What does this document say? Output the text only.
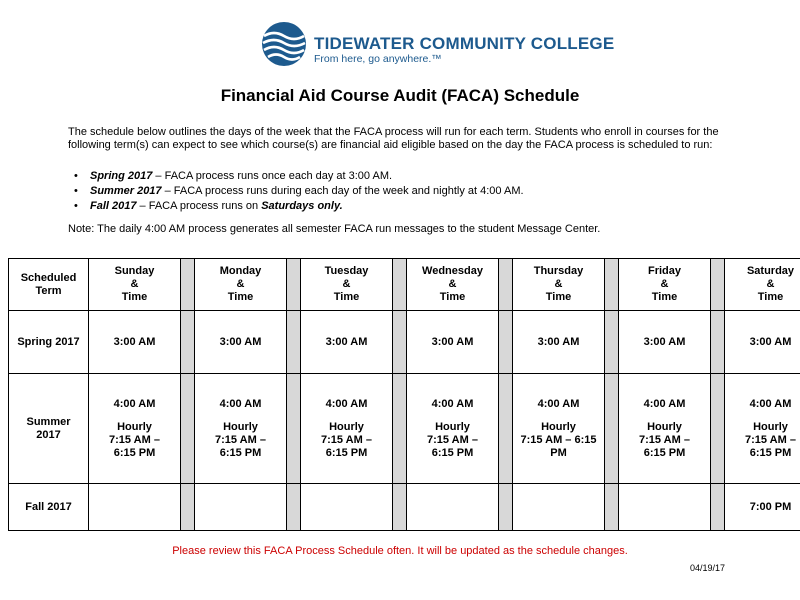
TIDEWATER COMMUNITY COLLEGE
From here, go anywhere.™
Financial Aid Course Audit (FACA) Schedule
The schedule below outlines the days of the week that the FACA process will run for each term. Students who enroll in courses for the following term(s) can expect to see which course(s) are financial aid eligible based on the day the FACA process is scheduled to run:
• Spring 2017 – FACA process runs once each day at 3:00 AM.
• Summer 2017 – FACA process runs during each day of the week and nightly at 4:00 AM.
• Fall 2017 – FACA process runs on Saturdays only.
Note: The daily 4:00 AM process generates all semester FACA run messages to the student Message Center.
Scheduled Term	Sunday
&
Time		Monday
&
Time		Tuesday
&
Time		Wednesday
&
Time		Thursday
&
Time		Friday
&
Time		Saturday
&
Time
Spring 2017	3:00 AM		3:00 AM		3:00 AM		3:00 AM		3:00 AM		3:00 AM		3:00 AM
Summer 2017	4:00 AM
Hourly
7:15 AM –
6:15 PM		4:00 AM
Hourly
7:15 AM –
6:15 PM		4:00 AM
Hourly
7:15 AM –
6:15 PM		4:00 AM
Hourly
7:15 AM –
6:15 PM		4:00 AM
Hourly
7:15 AM – 6:15
PM		4:00 AM
Hourly
7:15 AM –
6:15 PM		4:00 AM
Hourly
7:15 AM –
6:15 PM
Fall 2017													7:00 PM
Please review this FACA Process Schedule often. It will be updated as the schedule changes.
04/19/17
